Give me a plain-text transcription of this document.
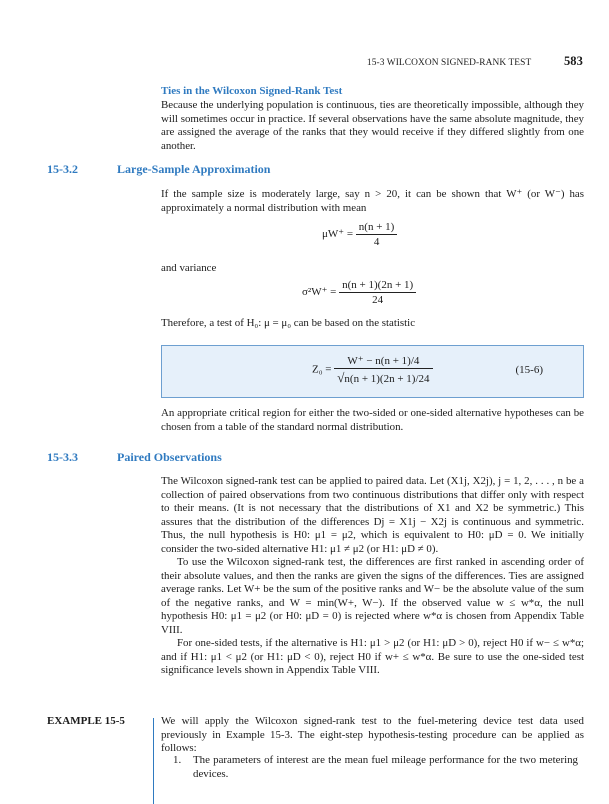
15-3 WILCOXON SIGNED-RANK TEST	583
Ties in the Wilcoxon Signed-Rank Test

Because the underlying population is continuous, ties are theoretically impossible, although they will sometimes occur in practice. If several observations have the same absolute magnitude, they are assigned the average of the ranks that they would receive if they differed slightly from one another.

15-3.2	Large-Sample Approximation

If the sample size is moderately large, say n > 20, it can be shown that W⁺ (or W⁻) has approximately a normal distribution with mean

$\mu W^+ = \frac{n(n + 1)}{4}$

and variance

$\sigma^2W^+ = \frac{n(n + 1)(2n + 1)}{24}$

Therefore, a test of H₀: μ = μ₀ can be based on the statistic

$Z_0 = \frac{W^+ - n(n + 1)/4}{√n(n + 1)(2n + 1)/24}$	(15-6)

An appropriate critical region for either the two-sided or one-sided alternative hypotheses can be chosen from a table of the standard normal distribution.

15-3.3	Paired Observations

The Wilcoxon signed-rank test can be applied to paired data. Let (X1j, X2j), j = 1, 2, . . . , n be a collection of paired observations from two continuous distributions that differ only with respect to their means. (It is not necessary that the distributions of X1 and X2 be symmetric.) This assures that the distribution of the differences Dj = X1j − X2j is continuous and symmetric. Thus, the null hypothesis is H0: μ1 = μ2, which is equivalent to H0: μD = 0. We initially consider the two-sided alternative H1: μ1 ≠ μ2 (or H1: μD ≠ 0).

To use the Wilcoxon signed-rank test, the differences are first ranked in ascending order of their absolute values, and then the ranks are given the signs of the differences. Ties are assigned average ranks. Let W+ be the sum of the positive ranks and W− be the absolute value of the sum of the negative ranks, and W = min(W+, W−). If the observed value w ≤ w*α, the null hypothesis H0: μ1 = μ2 (or H0: μD = 0) is rejected where w*α is chosen from Appendix Table VIII.

For one-sided tests, if the alternative is H1: μ1 > μ2 (or H1: μD > 0), reject H0 if w− ≤ w*α; and if H1: μ1 < μ2 (or H1: μD < 0), reject H0 if w+ ≤ w*α. Be sure to use the one-sided test significance levels shown in Appendix Table VIII.

EXAMPLE 15-5	We will apply the Wilcoxon signed-rank test to the fuel-metering device test data used previously in Example 15-3. The eight-step hypothesis-testing procedure can be applied as follows:

1. The parameters of interest are the mean fuel mileage performance for the two metering devices.
